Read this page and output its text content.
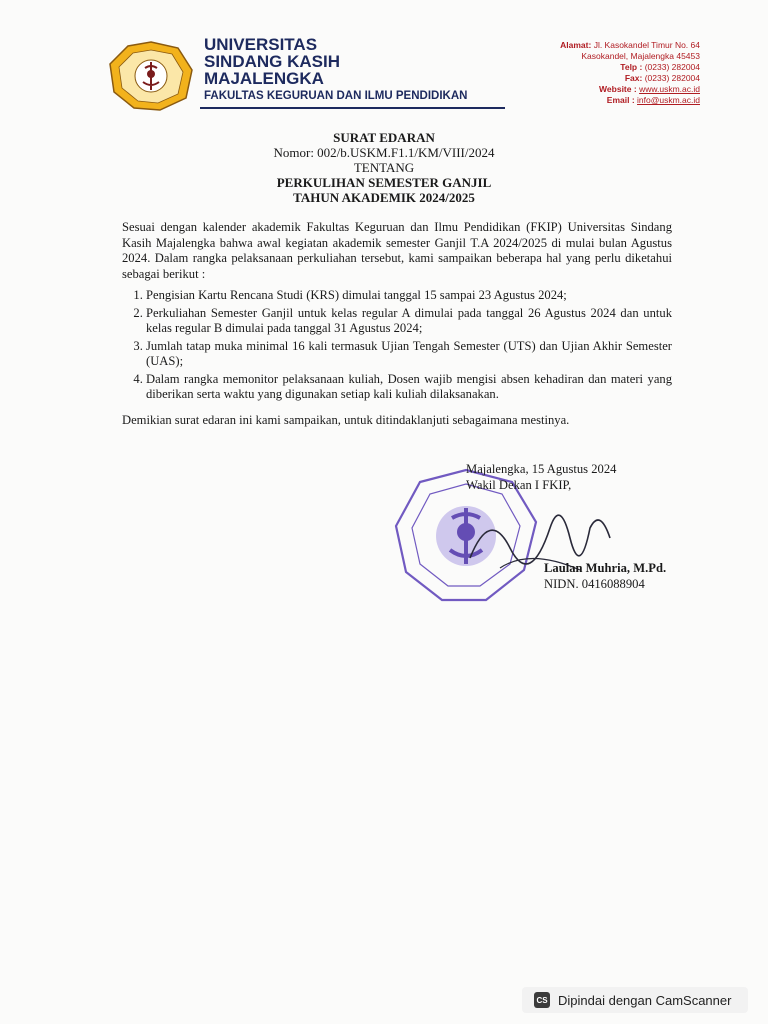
UNIVERSITAS
SINDANG KASIH
MAJALENGKA
FAKULTAS KEGURUAN DAN ILMU PENDIDIKAN
Alamat: Jl. Kasokandel Timur No. 64
Kasokandel, Majalengka 45453
Telp : (0233) 282004
Fax: (0233) 282004
Website : www.uskm.ac.id
Email : info@uskm.ac.id
SURAT EDARAN
Nomor: 002/b.USKM.F1.1/KM/VIII/2024
TENTANG
PERKULIHAN SEMESTER GANJIL
TAHUN AKADEMIK 2024/2025

Sesuai dengan kalender akademik Fakultas Keguruan dan Ilmu Pendidikan (FKIP) Universitas Sindang Kasih Majalengka bahwa awal kegiatan akademik semester Ganjil T.A 2024/2025 di mulai bulan Agustus 2024. Dalam rangka pelaksanaan perkuliahan tersebut, kami sampaikan beberapa hal yang perlu diketahui sebagai berikut :

1. Pengisian Kartu Rencana Studi (KRS) dimulai tanggal 15 sampai 23 Agustus 2024;
2. Perkuliahan Semester Ganjil untuk kelas regular A dimulai pada tanggal 26 Agustus 2024 dan untuk kelas regular B dimulai pada tanggal 31 Agustus 2024;
3. Jumlah tatap muka minimal 16 kali termasuk Ujian Tengah Semester (UTS) dan Ujian Akhir Semester (UAS);
4. Dalam rangka memonitor pelaksanaan kuliah, Dosen wajib mengisi absen kehadiran dan materi yang diberikan serta waktu yang digunakan setiap kali kuliah dilaksanakan.

Demikian surat edaran ini kami sampaikan, untuk ditindaklanjuti sebagaimana mestinya.

Majalengka, 15 Agustus 2024
Wakil Dekan I FKIP,
Laulan Muhria, M.Pd.
NIDN. 0416088904
CS Dipindai dengan CamScanner
